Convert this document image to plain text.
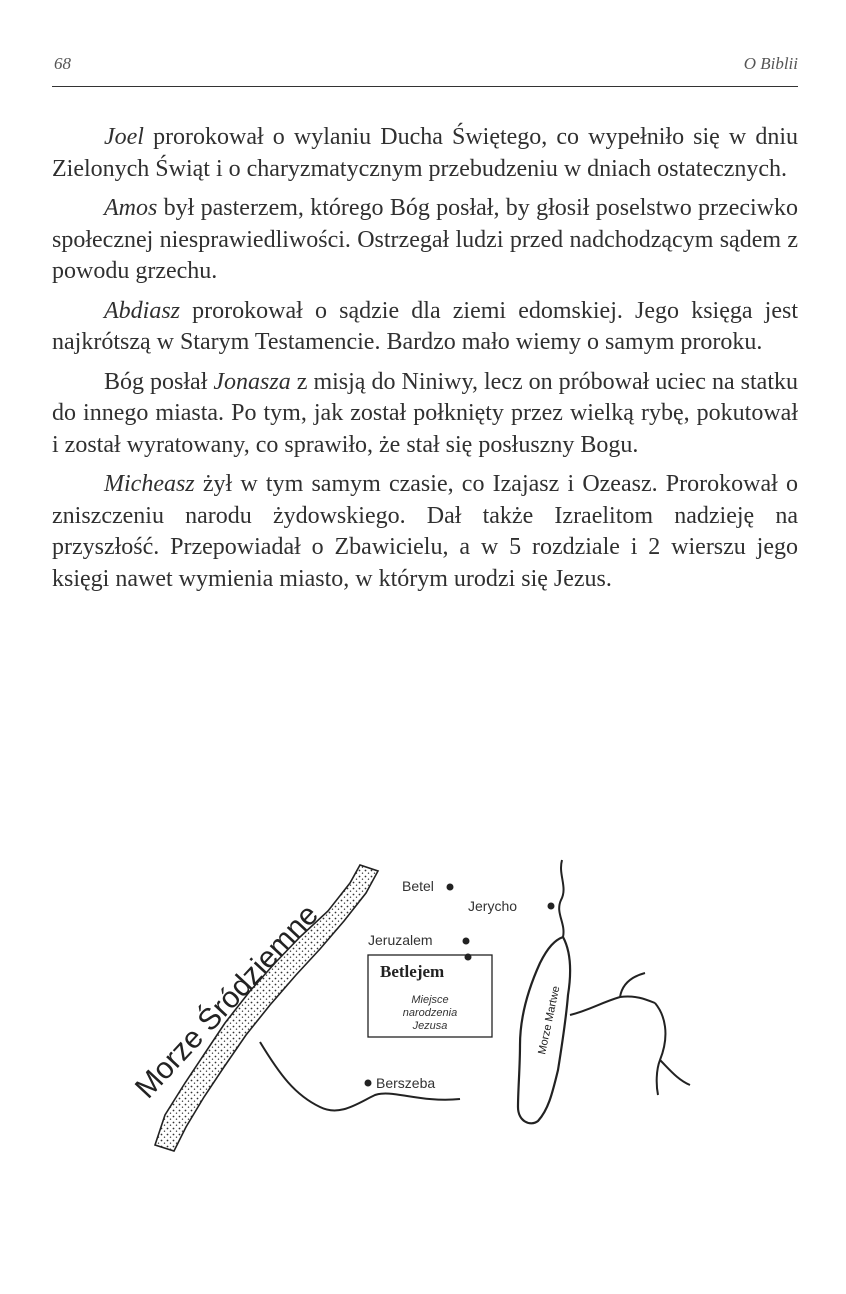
68	O Biblii

Joel prorokował o wylaniu Ducha Świętego, co wypełniło się w dniu Zielonych Świąt i o charyzmatycznym przebudzeniu w dniach ostatecznych.

Amos był pasterzem, którego Bóg posłał, by głosił poselstwo przeciwko społecznej niesprawiedliwości. Ostrzegał ludzi przed nadchodzącym sądem z powodu grzechu.

Abdiasz prorokował o sądzie dla ziemi edomskiej. Jego księga jest najkrótszą w Starym Testamencie. Bardzo mało wiemy o samym proroku.

Bóg posłał Jonasza z misją do Niniwy, lecz on próbował uciec na statku do innego miasta. Po tym, jak został połknięty przez wielką rybę, pokutował i został wyratowany, co sprawiło, że stał się posłuszny Bogu.

Micheasz żył w tym samym czasie, co Izajasz i Ozeasz. Prorokował o zniszczeniu narodu żydowskiego. Dał także Izraelitom nadzieję na przyszłość. Przepowiadał o Zbawicielu, a w 5 rozdziale i 2 wierszu jego księgi nawet wymienia miasto, w którym urodzi się Jezus.

Morze Śródziemne	Morze Martwe
Betel
Jerycho
Jeruzalem
Betlejem
Berszeba
Miejsce
narodzenia
Jezusa
